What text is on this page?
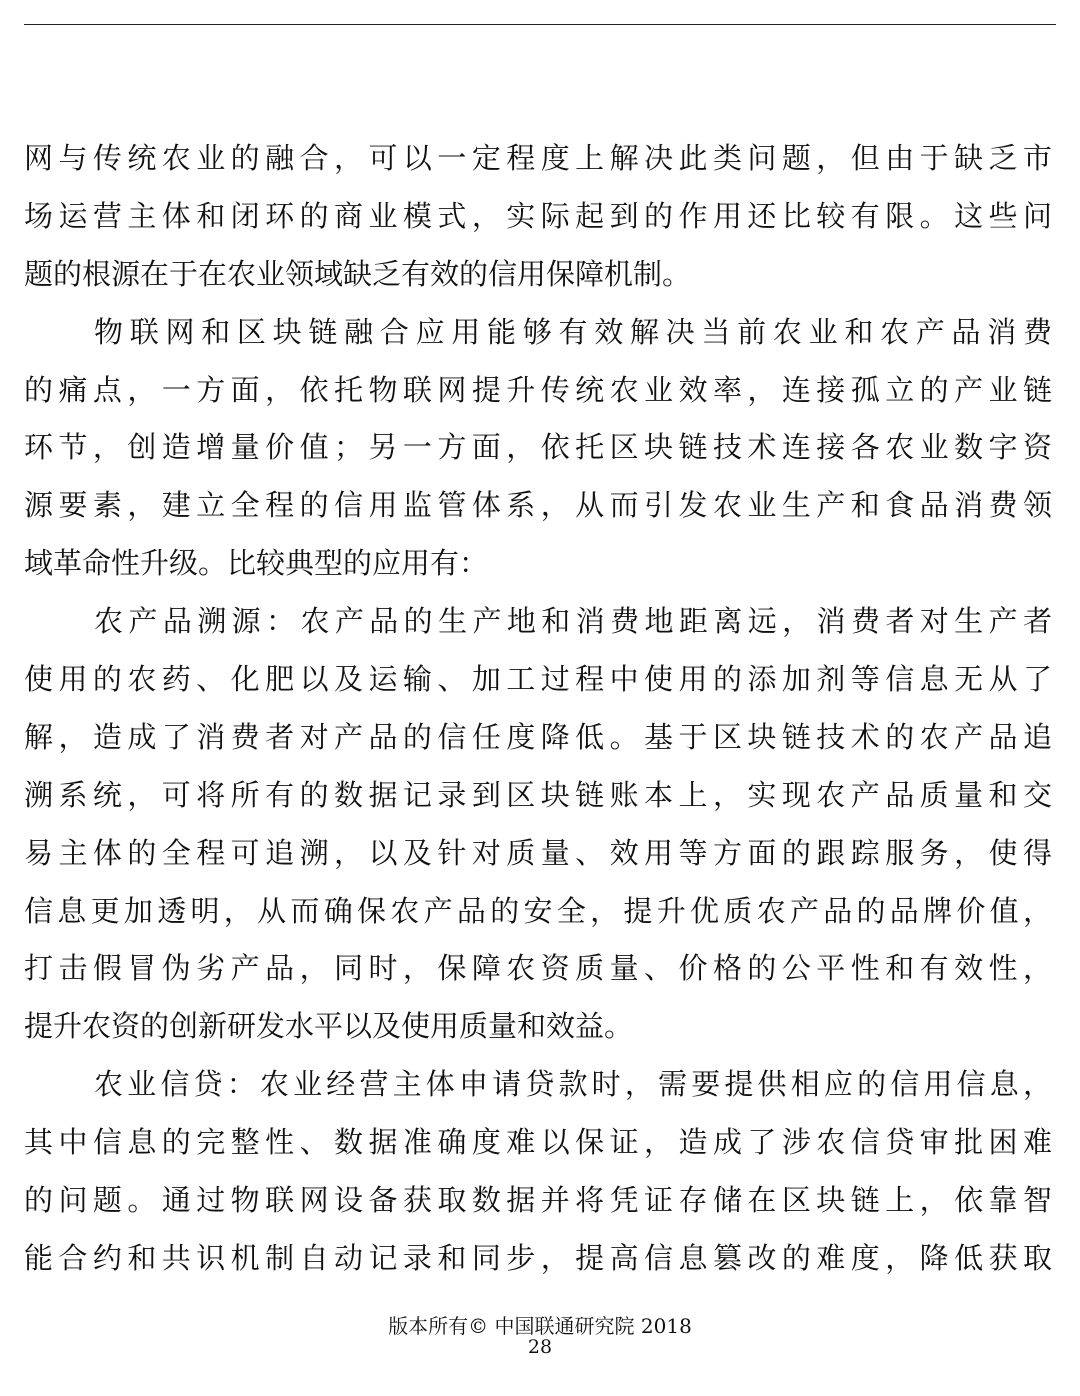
网与传统农业的融合，可以一定程度上解决此类问题，但由于缺乏市
场运营主体和闭环的商业模式，实际起到的作用还比较有限。这些问
题的根源在于在农业领域缺乏有效的信用保障机制。
物联网和区块链融合应用能够有效解决当前农业和农产品消费
的痛点，一方面，依托物联网提升传统农业效率，连接孤立的产业链
环节，创造增量价值；另一方面，依托区块链技术连接各农业数字资
源要素，建立全程的信用监管体系，从而引发农业生产和食品消费领
域革命性升级。比较典型的应用有：
农产品溯源：农产品的生产地和消费地距离远，消费者对生产者
使用的农药、化肥以及运输、加工过程中使用的添加剂等信息无从了
解，造成了消费者对产品的信任度降低。基于区块链技术的农产品追
溯系统，可将所有的数据记录到区块链账本上，实现农产品质量和交
易主体的全程可追溯，以及针对质量、效用等方面的跟踪服务，使得
信息更加透明，从而确保农产品的安全，提升优质农产品的品牌价值，
打击假冒伪劣产品，同时，保障农资质量、价格的公平性和有效性，
提升农资的创新研发水平以及使用质量和效益。
农业信贷：农业经营主体申请贷款时，需要提供相应的信用信息，
其中信息的完整性、数据准确度难以保证，造成了涉农信贷审批困难
的问题。通过物联网设备获取数据并将凭证存储在区块链上，依靠智
能合约和共识机制自动记录和同步，提高信息篡改的难度，降低获取
版本所有© 中国联通研究院 2018
28
